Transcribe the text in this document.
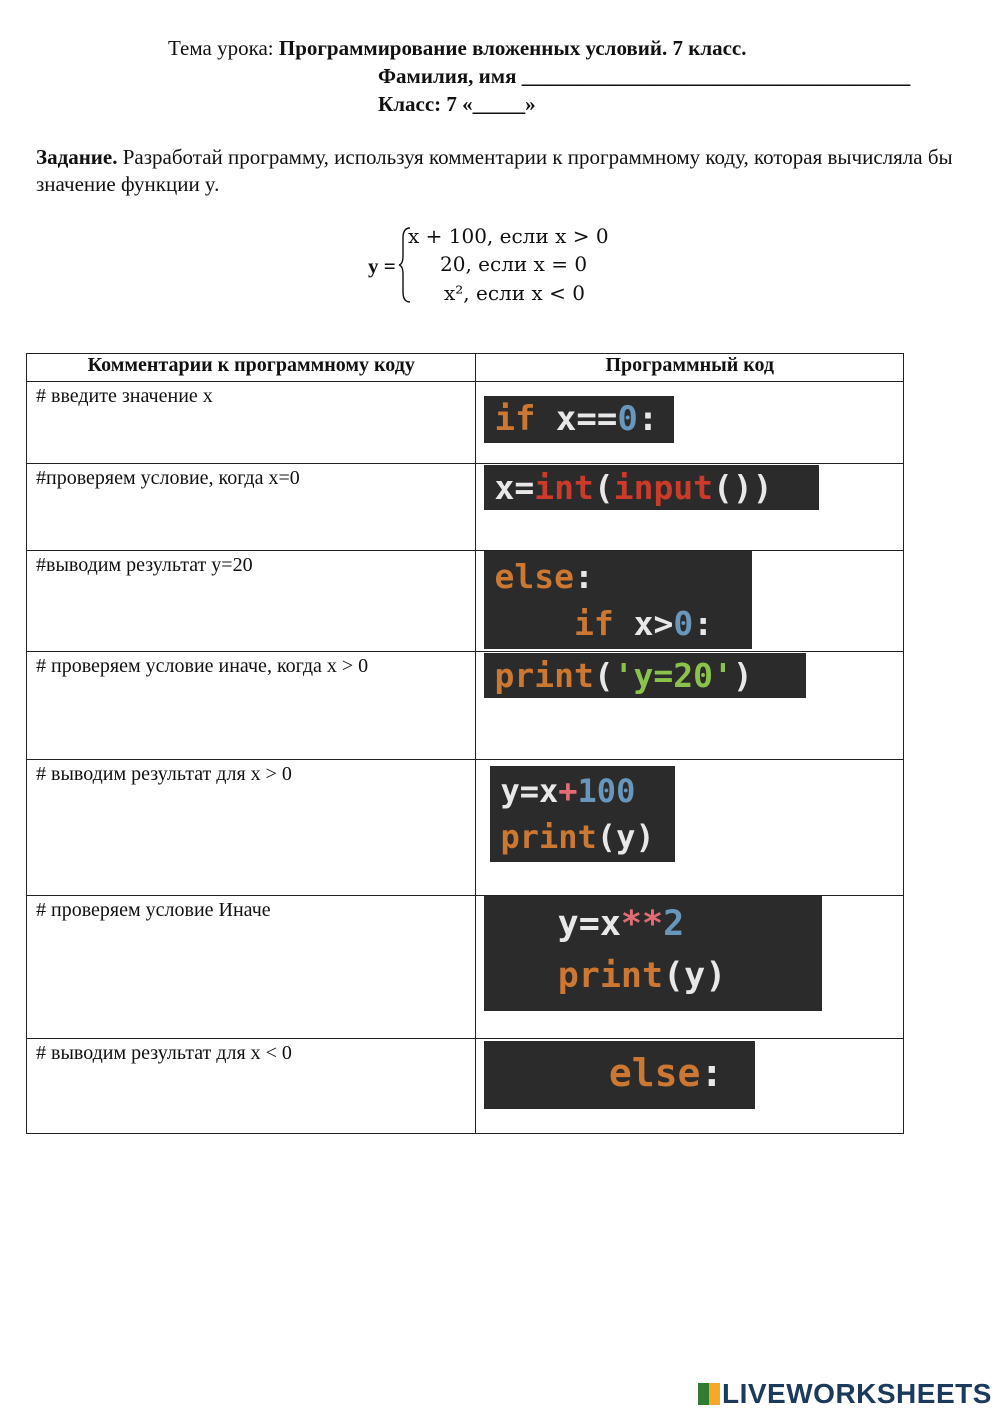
Тема урока: Программирование вложенных условий. 7 класс.
Фамилия, имя _____________________________________
Класс: 7 «_____»
Задание. Разработай программу, используя комментарии к программному коду, которая вычисляла бы значение функции y.
y =
x + 100, если x > 0
20, если x = 0
x², если x < 0
Комментарии к программному коду	Программный код
# введите значение x	if x==0:

#проверяем условие, когда x=0	x=int(input())

#выводим результат y=20	else:
if x>0:

# проверяем условие иначе, когда x > 0	print('y=20')

# выводим результат для x > 0	y=x+100
print(y)

# проверяем условие Иначе	y=x**2
print(y)

# выводим результат для x < 0	else:
LIVEWORKSHEETS
